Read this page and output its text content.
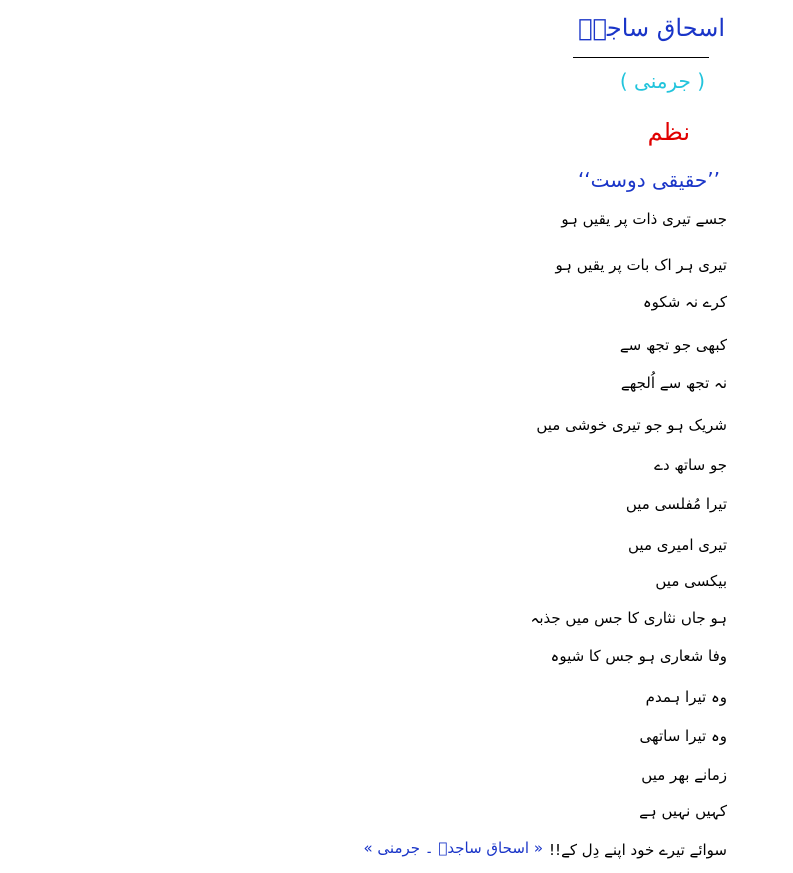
اسحاق ساجدؔ
( جرمنی )
نظم
’’حقیقی دوست‘‘
جسے تیری ذات پر یقیں ہو
تیری ہر اک بات پر یقیں ہو
کرے نہ شکوہ
کبھی جو تجھ سے
نہ تجھ سے اُلجھے
شریک ہو جو تیری خوشی میں
جو ساتھ دے
تیرا مُفلسی میں
تیری امیری میں
بیکسی میں
ہو جاں نثاری کا جس میں جذبہ
وفا شعاری ہو جس کا شیوہ
وہ تیرا ہمدم
وہ تیرا ساتھی
زمانے بھر میں
کہیں نہیں ہے
سوائے تیرے خود اپنے دِل کے!!
« اسحاق ساجدؔ ۔ جرمنی »
